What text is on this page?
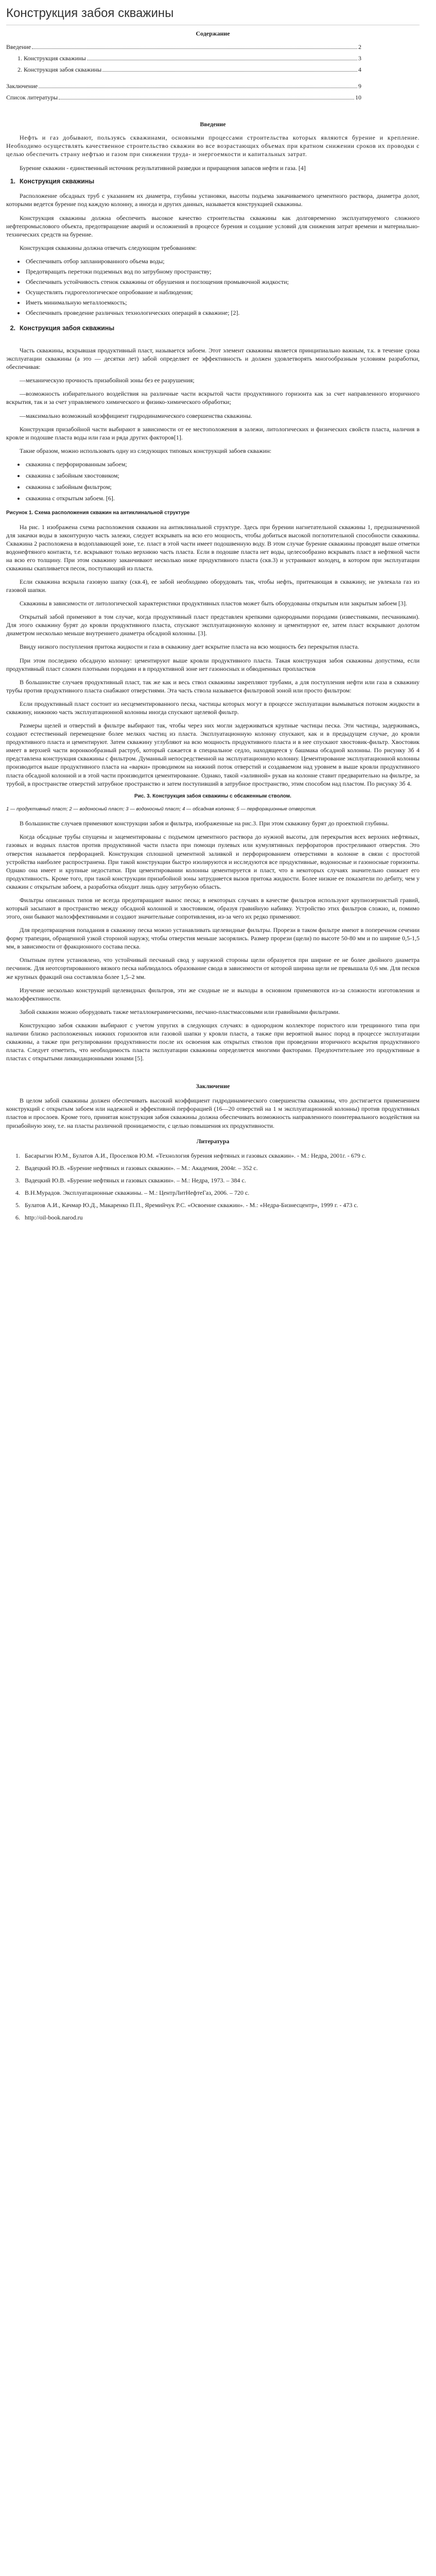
Конструкция забоя скважины
Содержание
Введение	2
1. Конструкция скважины	3
2. Конструкция забоя скважины	4
Заключение	9
Список литературы	10
Введение

Нефть и газ добывают, пользуясь скважинами, основными процессами строительства которых являются бурение и крепление. Необходимо осуществлять качественное строительство скважин во все возрастающих объемах при кратном снижении сроков их проводки с целью обеспечить страну нефтью и газом при снижении труда- и энергоемкости и капитальных затрат.

Бурение скважин - единственный источник результативной разведки и приращения запасов нефти и газа. [4]

1. Конструкция скважины

Расположение обсадных труб с указанием их диаметра, глубины установки, высоты подъема закачиваемого цементного раствора, диаметра долот, которыми ведется бурение под каждую колонну, а иногда и других данных, называется конструкцией скважины.

Конструкция скважины должна обеспечить высокое качество строительства скважины как долговременно эксплуатируемого сложного нефтепромыслового объекта, предотвращение аварий и осложнений в процессе бурения и создание условий для снижения затрат времени и материально-технических средств на бурение.

Конструкция скважины должна отвечать следующим требованиям:

• Обеспечивать отбор запланированного объема воды;
• Предотвращать перетоки подземных вод по затрубному пространству;
• Обеспечивать устойчивость стенок скважины от обрушения и поглощения промывочной жидкости;
• Осуществлять гидрогеологическое опробование и наблюдения;
• Иметь минимальную металлоемкость;
• Обеспечивать проведение различных технологических операций в скважине; [2].
2. Конструкция забоя скважины

Часть скважины, вскрывшая продуктивный пласт, называется забоем. Этот элемент скважины является принципиально важным, т.к. в течение срока эксплуатации скважины (а это — десятки лет) забой определяет ее эффективность и должен удовлетворять многообразным условиям разработки, обеспечивая:

—механическую прочность призабойной зоны без ее разрушения;

—возможность избирательного воздействия на различные части вскрытой части продуктивного горизонта как за счет направленного вторичного вскрытия, так и за счет управляемого химического и физико-химического обработки;

—максимально возможный коэффициент гидродинамического совершенства скважины.

Конструкция призабойной части выбирают в зависимости от ее местоположения в залежи, литологических и физических свойств пласта, наличия в кровле и подошве пласта воды или газа и ряда других факторов[1].

Такие образом, можно использовать одну из следующих типовых конструкций забоев скважин:

• скважина с перфорированным забоем;
• скважина с забойным хвостовиком;
• скважина с забойным фильтром;
• скважина с открытым забоем. [6].
Рисунок 1. Схема расположения скважин на антиклинальной структуре

На рис. 1 изображена схема расположения скважин на антиклинальной структуре. Здесь при бурении нагнетательной скважины 1, предназначенной для закачки воды в законтурную часть залежи, следует вскрывать на всю его мощность, чтобы добиться высокой поглотительной способности скважины. Скважина 2 расположена в водоплавающей зоне, т.е. пласт в этой части имеет подошвенную воду. В этом случае бурение скважины проводят выше отметки водонефтяного контакта, т.е. вскрывают только верхнюю часть пласта. Если в подошве пласта нет воды, целесообразно вскрывать пласт в нефтяной части на всю его толщину. При этом скважину заканчивают несколько ниже продуктивного пласта (скв.3) и устраивают колодец, в котором при эксплуатации скважины скапливается песок, поступающий из пласта.

Если скважина вскрыла газовую шапку (скв.4), ее забой необходимо оборудовать так, чтобы нефть, притекающая в скважину, не увлекала газ из газовой шапки.

Скважины в зависимости от литологической характеристики продуктивных пластов может быть оборудованы открытым или закрытым забоем [3].

Открытый забой применяют в том случае, когда продуктивный пласт представлен крепкими однородными породами (известняками, песчаниками). Для этого скважину бурят до кровли продуктивного пласта, спускают эксплуатационную колонну и цементируют ее, затем пласт вскрывают долотом диаметром несколько меньше внутреннего диаметра обсадной колонны. [3].

Ввиду низкого поступления притока жидкости и газа в скважину дает вскрытие пласта на всю мощность без перекрытия пласта.

При этом последнею обсадную колонну: цементируют выше кровли продуктивного пласта. Такая конструкция забоя скважины допустима, если продуктивный пласт сложен плотными породами и в продуктивной зоне нет газоносных и обводненных пропластков

В большинстве случаев продуктивный пласт, так же как и весь ствол скважины закрепляют трубами, а для поступления нефти или газа в скважину трубы против продуктивного пласта снабжают отверстиями. Эта часть ствола называется фильтровой зоной или просто фильтром:

Если продуктивный пласт состоит из несцементированного песка, частицы которых могут в процессе эксплуатации вымываться потоком жидкости в скважину, нижнюю часть эксплуатационной колонны иногда спускают щелевой фильтр.

Размеры щелей и отверстий в фильтре выбирают так, чтобы через них могли задерживаться крупные частицы песка. Эти частицы, задерживаясь, создают естественный перемещение более мелких частиц из пласта. Эксплуатационную колонну спускают, как и в предыдущем случае, до кровли продуктивного пласта и цементируют. Затем скважину углубляют на всю мощность продуктивного пласта и в нее спускают хвостовик-фильтр. Хвостовик имеет в верхней части воронкообразный раструб, который сажается в специальное седло, находящееся у башмака обсадной колонны. По рисунку 3б 4 представлена конструкция скважины с фильтром. Думанный непосредственной на эксплуатационную колонну. Цементирование эксплуатационной колонны производится выше продуктивного пласта на «варки» проводимом на нижний поток отверстий и создаваемом над уровнем в выше кровли продуктивного пласта обсадной колонной и в этой части производится цементирование. Однако, такой «заливной» рукав на колонне ставит предварительно на фильтре, за трубой, в пространстве отверстий затрубное пространство и затем поступивший в затрубное пространство, этим способом над пластом. По рисунку 3б 4.

Рис. 3. Конструкция забоя скважины с обсаженным стволом.
1 — продуктивный пласт; 2 — водоносный пласт; 3 — водоносный пласт; 4 — обсадная колонна; 5 — перфорационные отверстия.

В большинстве случаев применяют конструкции забоя и фильтра, изображенные на рис.3. При этом скважину бурят до проектной глубины.

Когда обсадные трубы спущены и зацементированы с подъемом цементного раствора до нужной высоты, для перекрытия всех верхних нефтяных, газовых и водных пластов против продуктивной части пласта при помощи пулевых или кумулятивных перфораторов простреливают отверстия. Это отверстия называется перфорацией. Конструкция сплошной цементной заливкой и перфорированием отверстиями в колонне в связи с простотой устройства наиболее распространена. При такой конструкции быстро изолируются и исследуются все продуктивные, водоносные и газоносные горизонты. Однако она имеет и крупные недостатки. При цементировании колонны цементируется и пласт, что в некоторых случаях значительно снижает его продуктивность. Кроме того, при такой конструкции призабойной зоны затрудняется вызов притока жидкости. Более низкие ее показатели по дебиту, чем у скважин с открытым забоем, а разработка обходит лишь одну затрубную область.

Фильтры описанных типов не всегда предотвращают вынос песка; в некоторых случаях в качестве фильтров используют крупнозернистый гравий, который засыпают в пространство между обсадной колонной и хвостовиком, образуя гравийную набивку. Устройство этих фильтров сложно, и, помимо этого, они бывают малоэффективными и создают значительные сопротивления, из-за чего их редко применяют.

Для предотвращения попадания в скважину песка можно устанавливать щелевидные фильтры. Прорези в таком фильтре имеют в поперечном сечении форму трапеции, обращенной узкой стороной наружу, чтобы отверстия меньше засорялись. Размер прорези (щели) по высоте 50-80 мм и по ширине 0,5-1,5 мм, в зависимости от фракционного состава песка.

Опытным путем установлено, что устойчивый песчаный свод у наружной стороны щели образуется при ширине ее не более двойного диаметра песчинок. Для неотсортированного вязкого песка наблюдалось образование свода в зависимости от которой ширина щели не превышала 0,6 мм. Для песков же крупных фракций она составляла более 1,5–2 мм.

Изучение несколько конструкций щелевидных фильтров, эти же сходные не и выходы в основном применяются из-за сложности изготовления и малоэффективности.

Забой скважин можно оборудовать также металлокерамическими, песчано-пластмассовыми или гравийными фильтрами.

Конструкцию забоя скважин выбирают с учетом упругих в следующих случаях: в однородном коллекторе пористого или трещинного типа при наличии близко расположенных нижних горизонтов или газовой шапки у кровли пласта, а также при вероятной вынос пород в процессе эксплуатации скважины, а также при регулировании продуктивности после их освоения как открытых стволов при проведении вторичного вскрытия продуктивного пласта. Следует отметить, что необходимость пласта эксплуатации скважины определяется многими факторами. Предпочтительнее это продуктивные в пластах с открытыми ликвидационными зонами [5].

Заключение

В целом забой скважины должен обеспечивать высокий коэффициент гидродинамического совершенства скважины, что достигается применением конструкций с открытым забоем или надежной и эффективной перфорацией (16—20 отверстий на 1 м эксплуатационной колонны) против продуктивных пластов и прослоев. Кроме того, принятая конструкция забоя скважины должна обеспечивать возможность направленного поинтервального воздействия на призабойную зону, т.е. на пласты различной проницаемости, с целью повышения их продуктивности.

Литература
1. Басарыгин Ю.М., Булатов А.И., Проселков Ю.М. «Технология бурения нефтяных и газовых скважин». - М.: Недра, 2001г. - 679 с.
2. Вадецкий Ю.В. «Бурение нефтяных и газовых скважин». – М.: Академия, 2004г. – 352 с.
3. Вадецкий Ю.В. «Бурение нефтяных и газовых скважин». – М.: Недра, 1973. – 384 с.
4. В.Н.Мурадов. Эксплуатационные скважины. – М.: ЦентрЛитНефтеГаз, 2006. – 720 с.
5. Булатов А.И., Качмар Ю.Д., Макаренко П.П., Яремийчук Р.С. «Освоение скважин». - М.: «Недра-Бизнесцентр», 1999 г. - 473 с.
6. http://oil-book.narod.ru
